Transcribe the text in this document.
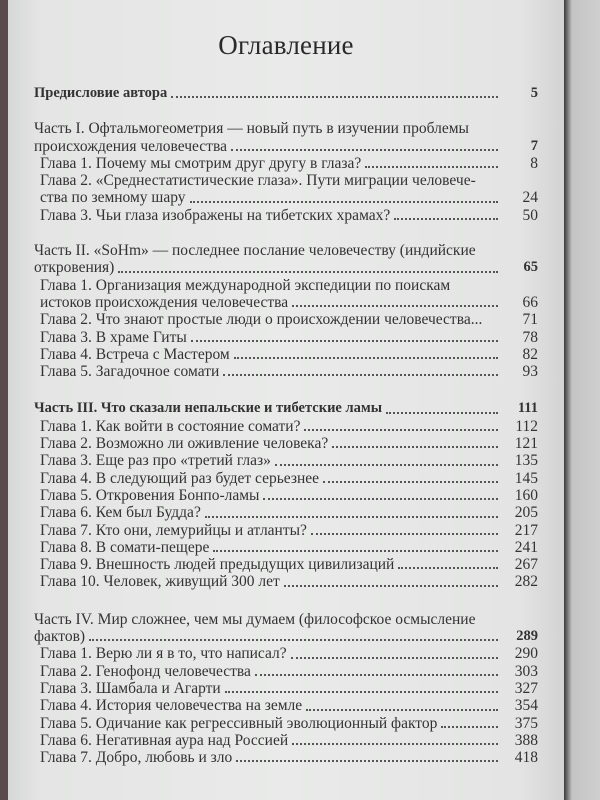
Оглавление
Предисловие автора	5
Часть I. Офтальмогеометрия — новый путь в изучении проблемы
происхождения человечества	7
Глава 1. Почему мы смотрим друг другу в глаза?	8
Глава 2. «Среднестатистические глаза». Пути миграции человече-
ства по земному шару	24
Глава 3. Чьи глаза изображены на тибетских храмах?	50
Часть II. «SoHm» — последнее послание человечеству (индийские
откровения)	65
Глава 1. Организация международной экспедиции по поискам
истоков происхождения человечества	66
Глава 2. Что знают простые люди о происхождении человечества...	71
Глава 3. В храме Гиты	78
Глава 4. Встреча с Мастером	82
Глава 5. Загадочное сомати	93
Часть III. Что сказали непальские и тибетские ламы	111
Глава 1. Как войти в состояние сомати?	112
Глава 2. Возможно ли оживление человека?	121
Глава 3. Еще раз про «третий глаз»	135
Глава 4. В следующий раз будет серьезнее	145
Глава 5. Откровения Бонпо-ламы	160
Глава 6. Кем был Будда?	205
Глава 7. Кто они, лемурийцы и атланты?	217
Глава 8. В сомати-пещере	241
Глава 9. Внешность людей предыдущих цивилизаций	267
Глава 10. Человек, живущий 300 лет	282
Часть IV. Мир сложнее, чем мы думаем (философское осмысление
фактов)	289
Глава 1. Верю ли я в то, что написал?	290
Глава 2. Генофонд человечества	303
Глава 3. Шамбала и Агарти	327
Глава 4. История человечества на земле	354
Глава 5. Одичание как регрессивный эволюционный фактор	375
Глава 6. Негативная аура над Россией	388
Глава 7. Добро, любовь и зло	418
